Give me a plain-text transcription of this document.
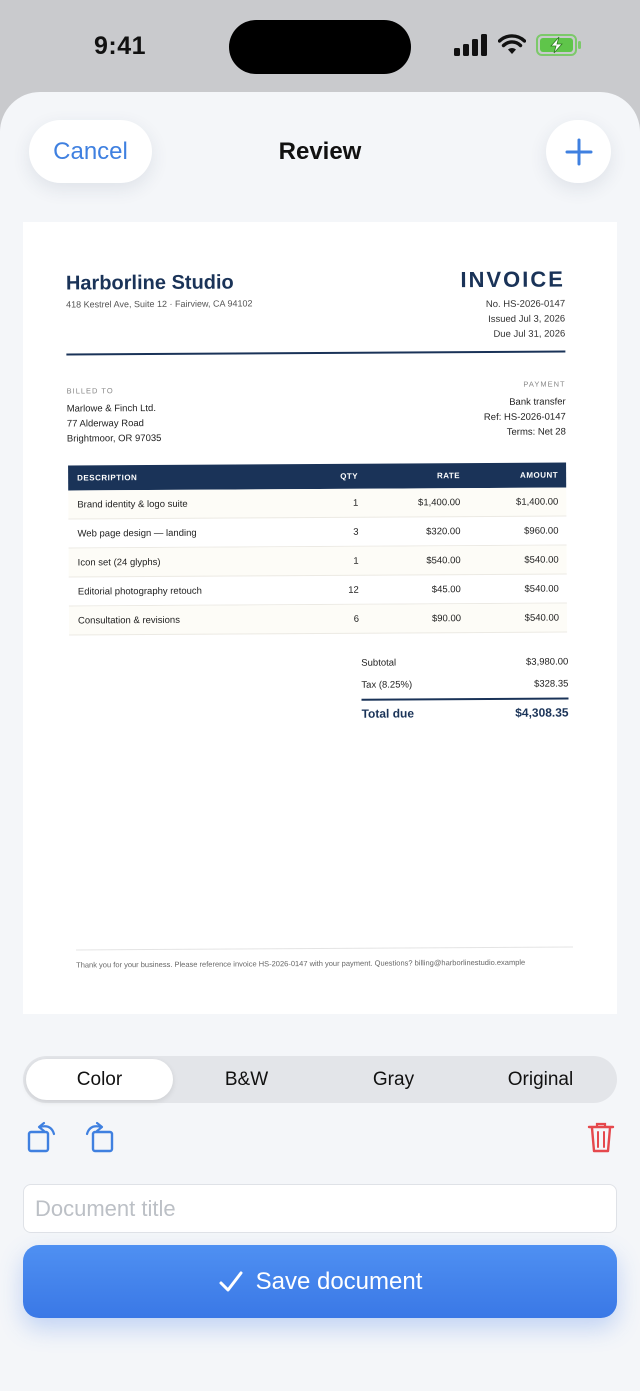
9:41
Cancel	Review
Harborline Studio
418 Kestrel Ave, Suite 12 · Fairview, CA 94102
INVOICE
No. HS-2026-0147
Issued Jul 3, 2026
Due Jul 31, 2026
BILLED TO
Marlowe & Finch Ltd.
77 Alderway Road
Brightmoor, OR 97035
PAYMENT
Bank transfer
Ref: HS-2026-0147
Terms: Net 28
DESCRIPTION	QTY	RATE	AMOUNT
Brand identity & logo suite	1	$1,400.00	$1,400.00
Web page design — landing	3	$320.00	$960.00
Icon set (24 glyphs)	1	$540.00	$540.00
Editorial photography retouch	12	$45.00	$540.00
Consultation & revisions	6	$90.00	$540.00
Subtotal	$3,980.00
Tax (8.25%)	$328.35
Total due	$4,308.35
Thank you for your business. Please reference invoice HS-2026-0147 with your payment. Questions? billing@harborlinestudio.example
Color	B&W	Gray	Original
Document title
Save document
